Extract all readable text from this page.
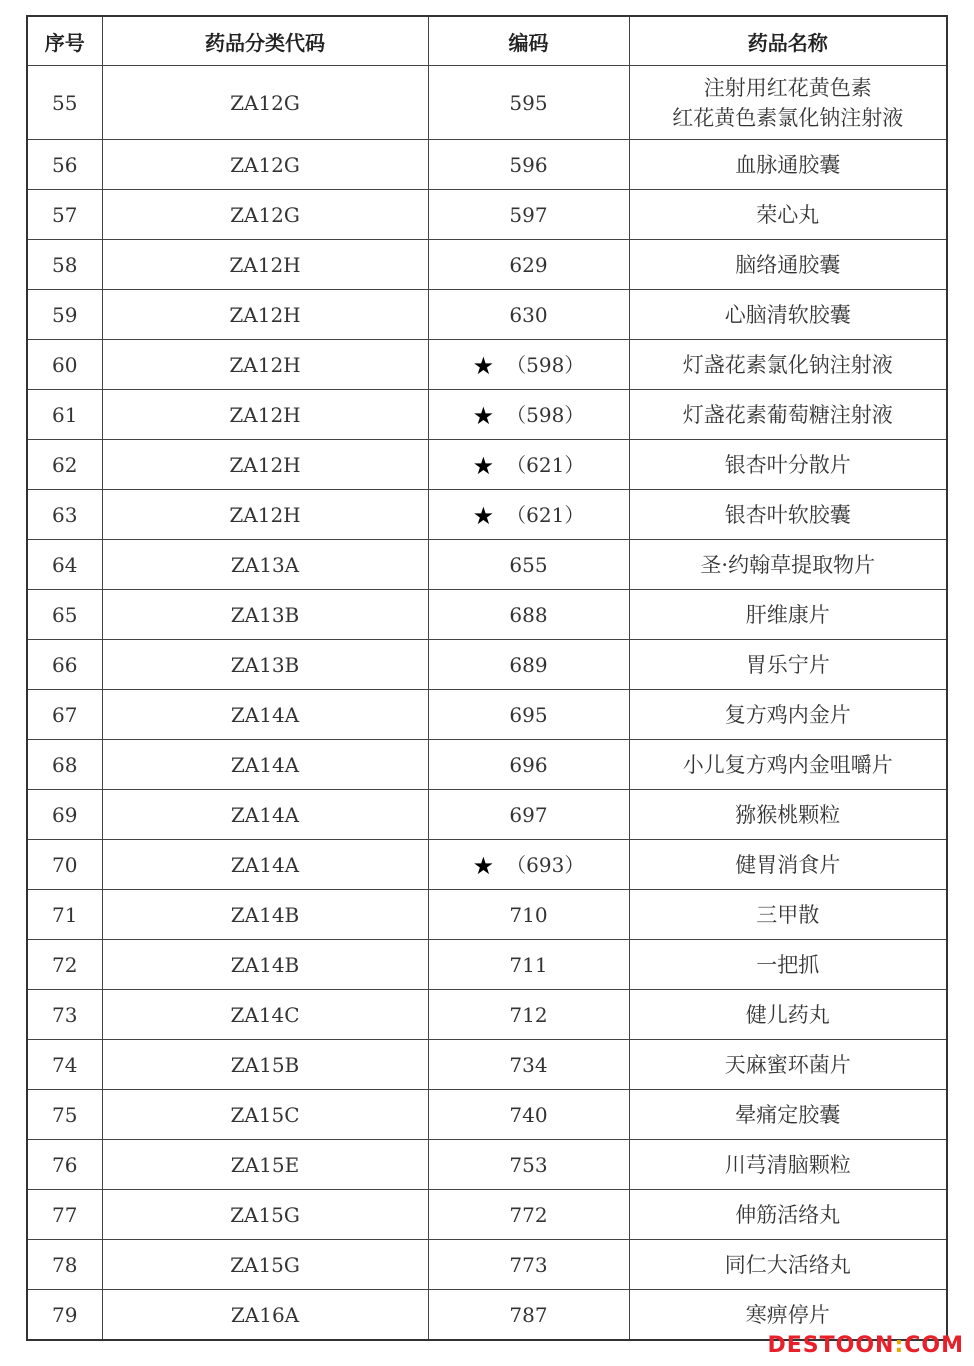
序号	药品分类代码	编码	药品名称
55	ZA12G	595	注射用红花黄色素
红花黄色素氯化钠注射液

56	ZA12G	596	血脉通胶囊

57	ZA12G	597	荣心丸

58	ZA12H	629	脑络通胶囊

59	ZA12H	630	心脑清软胶囊

60	ZA12H	★ （598）	灯盏花素氯化钠注射液

61	ZA12H	★ （598）	灯盏花素葡萄糖注射液

62	ZA12H	★ （621）	银杏叶分散片

63	ZA12H	★ （621）	银杏叶软胶囊

64	ZA13A	655	圣·约翰草提取物片

65	ZA13B	688	肝维康片

66	ZA13B	689	胃乐宁片

67	ZA14A	695	复方鸡内金片

68	ZA14A	696	小儿复方鸡内金咀嚼片

69	ZA14A	697	猕猴桃颗粒

70	ZA14A	★ （693）	健胃消食片

71	ZA14B	710	三甲散

72	ZA14B	711	一把抓

73	ZA14C	712	健儿药丸

74	ZA15B	734	天麻蜜环菌片

75	ZA15C	740	晕痛定胶囊

76	ZA15E	753	川芎清脑颗粒

77	ZA15G	772	伸筋活络丸

78	ZA15G	773	同仁大活络丸

79	ZA16A	787	寒痹停片
DESTOON:COM
